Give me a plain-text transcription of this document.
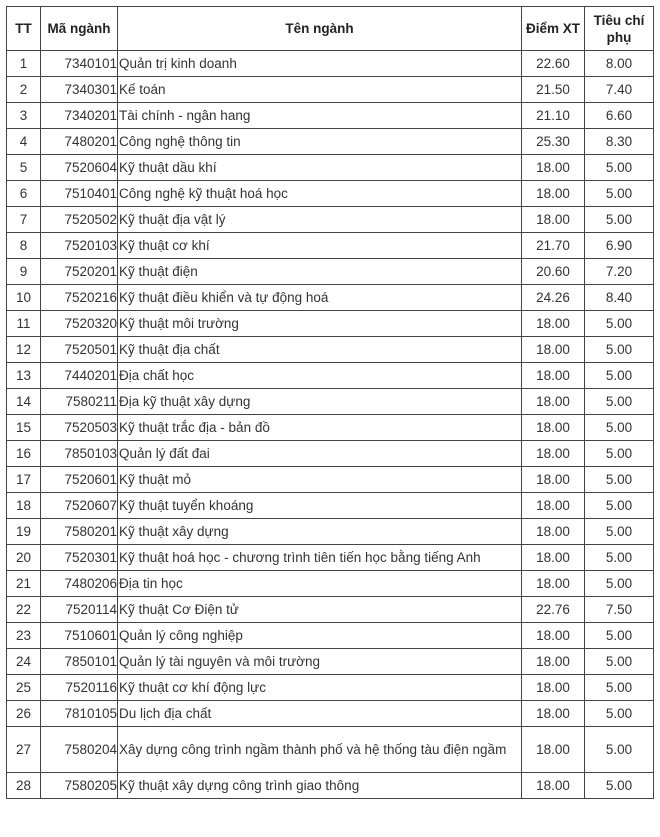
TT	Mã ngành	Tên ngành	Điểm XT	Tiêu chí phụ
1	7340101	Quản trị kinh doanh	22.60	8.00
2	7340301	Kế toán	21.50	7.40
3	7340201	Tài chính - ngân hang	21.10	6.60
4	7480201	Công nghệ thông tin	25.30	8.30
5	7520604	Kỹ thuật dầu khí	18.00	5.00
6	7510401	Công nghệ kỹ thuật hoá học	18.00	5.00
7	7520502	Kỹ thuật địa vật lý	18.00	5.00
8	7520103	Kỹ thuật cơ khí	21.70	6.90
9	7520201	Kỹ thuật điện	20.60	7.20
10	7520216	Kỹ thuật điều khiển và tự động hoá	24.26	8.40
11	7520320	Kỹ thuật môi trường	18.00	5.00
12	7520501	Kỹ thuật địa chất	18.00	5.00
13	7440201	Địa chất học	18.00	5.00
14	7580211	Địa kỹ thuật xây dựng	18.00	5.00
15	7520503	Kỹ thuật trắc địa - bản đồ	18.00	5.00
16	7850103	Quản lý đất đai	18.00	5.00
17	7520601	Kỹ thuật mỏ	18.00	5.00
18	7520607	Kỹ thuật tuyển khoáng	18.00	5.00
19	7580201	Kỹ thuật xây dựng	18.00	5.00
20	7520301	Kỹ thuật hoá học - chương trình tiên tiến học bằng tiếng Anh	18.00	5.00
21	7480206	Địa tin học	18.00	5.00
22	7520114	Kỹ thuật Cơ Điện tử	22.76	7.50
23	7510601	Quản lý công nghiệp	18.00	5.00
24	7850101	Quản lý tài nguyên và môi trường	18.00	5.00
25	7520116	Kỹ thuật cơ khí động lực	18.00	5.00
26	7810105	Du lịch địa chất	18.00	5.00
27	7580204	Xây dựng công trình ngầm thành phố và hệ thống tàu điện ngầm	18.00	5.00
28	7580205	Kỹ thuật xây dựng công trình giao thông	18.00	5.00
